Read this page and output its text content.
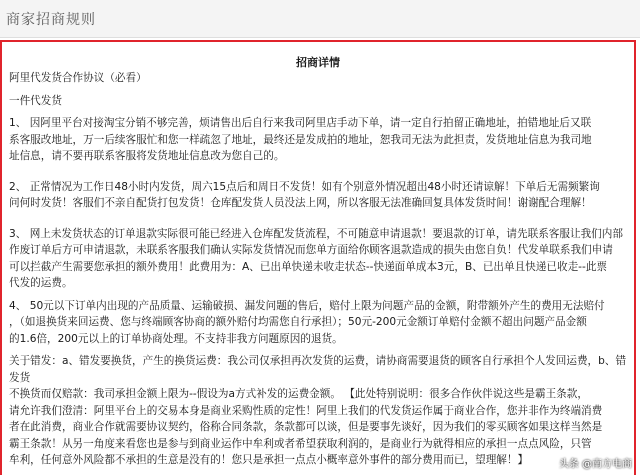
商家招商规则
招商详情

阿里代发货合作协议（必看）

一件代发货

1、 因阿里平台对接淘宝分销不够完善，烦请售出后自行来我司阿里店手动下单，请一定自行拍留正确地址，拍错地址后又联

系客服改地址，万一后续客服忙和您一样疏忽了地址，最终还是发成拍的地址，恕我司无法为此担责，发货地址信息为我司地

址信息，请不要再联系客服将发货地址信息改为您自己的。

2、 正常情况为工作日48小时内发货，周六15点后和周日不发货！如有个别意外情况超出48小时还请谅解！下单后无需频繁询

问何时发货！客服们不亲自配货打包发货！仓库配发货人员没法上网，所以客服无法准确回复具体发货时间！谢谢配合理解！

3、 网上未发货状态的订单退款实际很可能已经进入仓库配发货流程，不可随意申请退款！要退款的订单，请先联系客服让我们内部

作废订单后方可申请退款，未联系客服我们确认实际发货情况而您单方面给你顾客退款造成的损失由您自负！代发单联系我们申请

可以拦截产生需要您承担的额外费用！此费用为：A、已出单快递未收走状态--快递面单成本3元，B、已出单且快递已收走--此票

代发的运费。

4、 50元以下订单内出现的产品质量、运输破损、漏发问题的售后，赔付上限为问题产品的金额，附带额外产生的费用无法赔付

，（如退换货来回运费、您与终端顾客协商的额外赔付均需您自行承担）；50元-200元金额订单赔付金额不超出问题产品金额

的1.6倍，200元以上的订单协商处理。不支持非我方问题原因的退货。

关于错发：a、错发要换货，产生的换货运费：我公司仅承担再次发货的运费，请协商需要退货的顾客自行承担个人发回运费，b、错发货

不换货而仅赔款：我司承担金额上限为--假设为a方式补发的运费金额。 【此处特别说明：很多合作伙伴说这些是霸王条款，

请允许我们澄清：阿里平台上的交易本身是商业采购性质的定性！阿里上我们的代发货运作属于商业合作，您并非作为终端消费

者在此消费，商业合作就需要协议契约，俗称合同条款，条款都可以谈，但是要事先谈好，因为我们的零买顾客如果这样当然是

霸王条款！从另一角度来看您也是参与到商业运作中牟利或者希望获取利润的，是商业行为就得相应的承担一点点风险，只管

牟利，任何意外风险都不承担的生意是没有的！您只是承担一点点小概率意外事件的部分费用而已，望理解！】	头条 @南方电商
